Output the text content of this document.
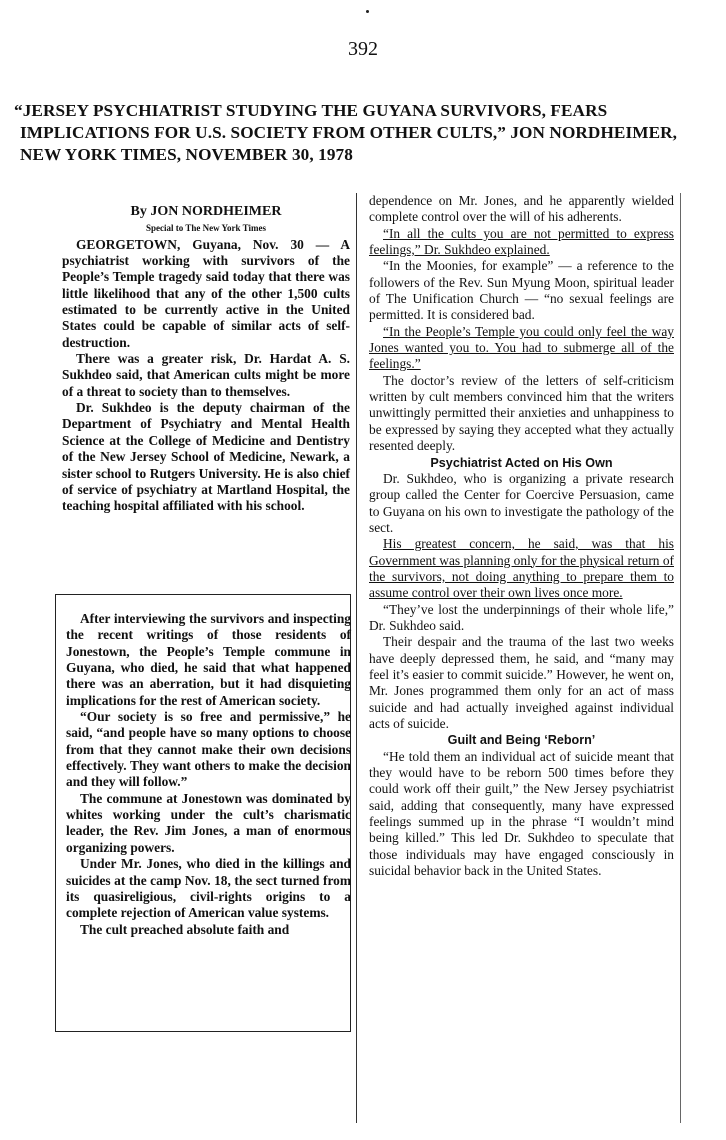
392
“JERSEY PSYCHIATRIST STUDYING THE GUYANA SURVIVORS, FEARS IMPLICATIONS FOR U.S. SOCIETY FROM OTHER CULTS,” JON NORDHEIMER, NEW YORK TIMES, NOVEMBER 30, 1978

By JON NORDHEIMER

Special to The New York Times

GEORGETOWN, Guyana, Nov. 30 — A psychiatrist working with survivors of the People’s Temple tragedy said today that there was little likelihood that any of the other 1,500 cults estimated to be currently active in the United States could be capable of similar acts of self-destruction.

There was a greater risk, Dr. Hardat A. S. Sukhdeo said, that American cults might be more of a threat to society than to themselves.

Dr. Sukhdeo is the deputy chairman of the Department of Psychiatry and Mental Health Science at the College of Medicine and Dentistry of the New Jersey School of Medicine, Newark, a sister school to Rutgers University. He is also chief of service of psychiatry at Martland Hospital, the teaching hospital affiliated with his school.

After interviewing the survivors and inspecting the recent writings of those residents of Jonestown, the People’s Temple commune in Guyana, who died, he said that what happened there was an aberration, but it had disquieting implications for the rest of American society.

“Our society is so free and permissive,” he said, “and people have so many options to choose from that they cannot make their own decisions effectively. They want others to make the decision and they will follow.”

The commune at Jonestown was dominated by whites working under the cult’s charismatic leader, the Rev. Jim Jones, a man of enormous organizing powers.

Under Mr. Jones, who died in the killings and suicides at the camp Nov. 18, the sect turned from its quasireligious, civil-rights origins to a complete rejection of American value systems.

The cult preached absolute faith and

dependence on Mr. Jones, and he apparently wielded complete control over the will of his adherents.

“In all the cults you are not permitted to express feelings,” Dr. Sukhdeo explained.

“In the Moonies, for example” — a reference to the followers of the Rev. Sun Myung Moon, spiritual leader of The Unification Church — “no sexual feelings are permitted. It is considered bad.

“In the People’s Temple you could only feel the way Jones wanted you to. You had to submerge all of the feelings.”

The doctor’s review of the letters of self-criticism written by cult members convinced him that the writers unwittingly permitted their anxieties and unhappiness to be expressed by saying they accepted what they actually resented deeply.

Psychiatrist Acted on His Own

Dr. Sukhdeo, who is organizing a private research group called the Center for Coercive Persuasion, came to Guyana on his own to investigate the pathology of the sect.

His greatest concern, he said, was that his Government was planning only for the physical return of the survivors, not doing anything to prepare them to assume control over their own lives once more.

“They’ve lost the underpinnings of their whole life,” Dr. Sukhdeo said.

Their despair and the trauma of the last two weeks have deeply depressed them, he said, and “many may feel it’s easier to commit suicide.” However, he went on, Mr. Jones programmed them only for an act of mass suicide and had actually inveighed against individual acts of suicide.

Guilt and Being ‘Reborn’

“He told them an individual act of suicide meant that they would have to be reborn 500 times before they could work off their guilt,” the New Jersey psychiatrist said, adding that consequently, many have expressed feelings summed up in the phrase “I wouldn’t mind being killed.” This led Dr. Sukhdeo to speculate that those individuals may have engaged consciously in suicidal behavior back in the United States.
